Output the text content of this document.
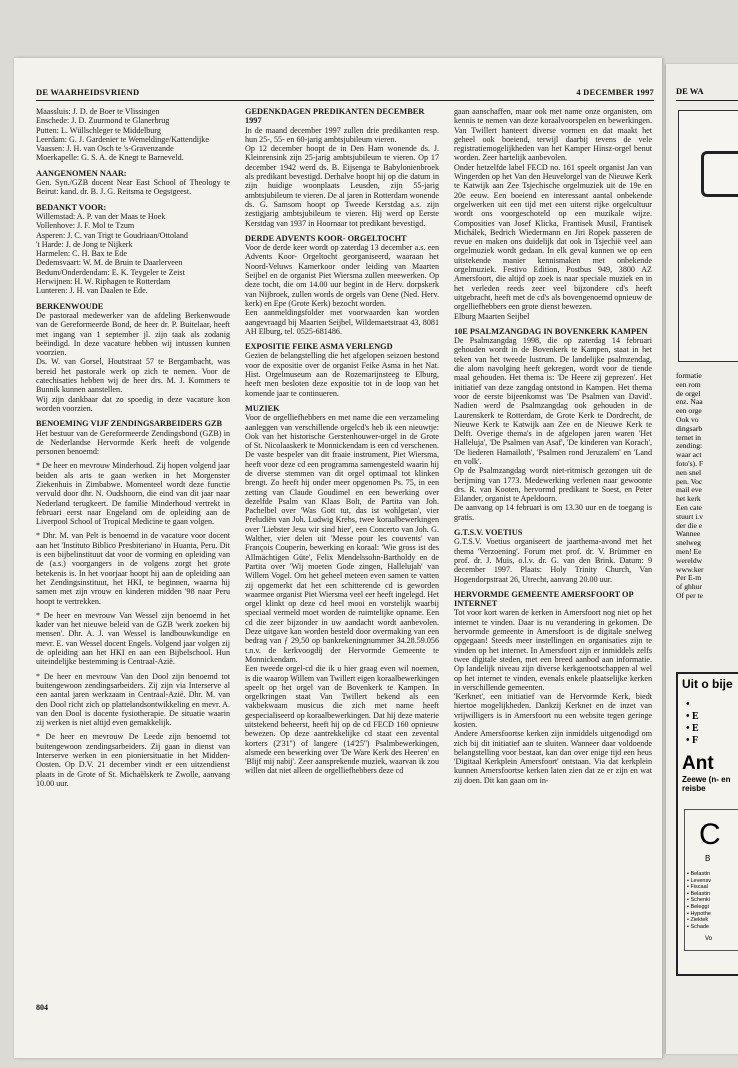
DE WAARHEIDSVRIEND	4 DECEMBER 1997

Maassluis: J. D. de Boer te Vlissingen

Enschede: J. D. Zuurmond te Glanerbrug

Putten: L. Wüllschleger te Middelburg

Leerdam: G. J. Gardenier te Wemeldinge/Kattendijke

Vaassen: J. H. van Osch te 's-Gravenzande

Moerkapelle: G. S. A. de Knegt te Barneveld.

AANGENOMEN NAAR:

Gen. Syn./GZB docent Near East School of Theology te Beirut: kand. dr. B. J. G. Reitsma te Oegstgeest.

BEDANKT VOOR:

Willemstad: A. P. van der Maas te Hoek

Vollenhove: J. F. Mol te Tzum

Asperen: J. C. van Trigt te Goudriaan/Ottoland

't Harde: J. de Jong te Nijkerk

Harmelen: C. H. Bax te Ede

Dedemsvaart: W. M. de Bruin te Daarlerveen

Bedum/Onderdendam: E. K. Teygeler te Zeist

Herwijnen: H. W. Riphagen te Rotterdam

Lunteren: J. H. van Daalen te Ede.

BERKENWOUDE

De pastoraal medewerker van de afdeling Berkenwoude van de Gereformeerde Bond, de heer dr. P. Buitelaar, heeft met ingang van 1 september jl. zijn taak als zodanig beëindigd. In deze vacature hebben wij intussen kunnen voorzien.

Ds. W. van Gorsel, Houtstraat 57 te Bergambacht, was bereid het pastorale werk op zich te nemen. Voor de catechisaties hebben wij de heer drs. M. J. Kommers te Bunnik kunnen aanstellen.

Wij zijn dankbaar dat zo spoedig in deze vacature kon worden voorzien.

BENOEMING VIJF ZENDINGSARBEIDERS GZB

Het bestuur van de Gereformeerde Zendingsbond (GZB) in de Nederlandse Hervormde Kerk heeft de volgende personen benoemd:

* De heer en mevrouw Minderhoud. Zij hopen volgend jaar beiden als arts te gaan werken in het Morgenster Ziekenhuis in Zimbabwe. Momenteel wordt deze functie vervuld door dhr. N. Oudshoorn, die eind van dit jaar naar Nederland terugkeert. De familie Minderhoud vertrekt in februari eerst naar Engeland om de opleiding aan de Liverpool School of Tropical Medicine te gaan volgen.

* Dhr. M. van Pelt is benoemd in de vacature voor docent aan het 'Instituto Biblico Presbiteriano' in Huanta, Peru. Dit is een bijbelinstituut dat voor de vorming en opleiding van de (a.s.) voorgangers in de volgens zorgt het grote betekenis is. In het voorjaar hoopt hij aan de opleiding aan het Zendingsinstituut, het HKI, te beginnen, waarna hij samen met zijn vrouw en kinderen midden '98 naar Peru hoopt te vertrekken.

* De heer en mevrouw Van Wessel zijn benoemd in het kader van het nieuwe beleid van de GZB 'werk zoeken bij mensen'. Dhr. A. J. van Wessel is landbouwkundige en mevr. E. van Wessel docent Engels. Volgend jaar volgen zij de opleiding aan het HKI en aan een Bijbelschool. Hun uiteindelijke bestemming is Centraal-Azië.

* De heer en mevrouw Van den Dool zijn benoemd tot buitengewoon zendingsarbeiders. Zij zijn via Interserve al een aantal jaren werkzaam in Centraal-Azië. Dhr. M. van den Dool richt zich op plattelandsontwikkeling en mevr. A. van den Dool is docente fysiotherapie. De situatie waarin zij werken is niet altijd even gemakkelijk.

* De heer en mevrouw De Leede zijn benoemd tot buitengewoon zendingsarbeiders. Zij gaan in dienst van Interserve werken in een pioniersituatie in het Midden-Oosten. Op D.V. 21 december vindt er een uitzendienst plaats in de Grote of St. Michaëlskerk te Zwolle, aanvang 10.00 uur.

GEDENKDAGEN PREDIKANTEN DECEMBER 1997

In de maand december 1997 zullen drie predikanten resp. hun 25-, 55- en 60-jarig ambtsjubileum vieren.

Op 12 december hoopt de in Den Ham wonende ds. J. Kleinrensink zijn 25-jarig ambtsjubileum te vieren. Op 17 december 1942 werd ds. B. Eijsenga te Babylonienbroek als predikant bevestigd. Derhalve hoopt hij op die datum in zijn huidige woonplaats Leusden, zijn 55-jarig ambtsjubileum te vieren. De al jaren in Rotterdam wonende ds. G. Samsom hoopt op Tweede Kerstdag a.s. zijn zestigjarig ambtsjubileum te vieren. Hij werd op Eerste Kerstdag van 1937 in Hoornaar tot predikant bevestigd.

DERDE ADVENTS KOOR- ORGELTOCHT

Voor de derde keer wordt op zaterdag 13 december a.s. een Advents Koor- Orgeltocht georganiseerd, waaraan het Noord-Veluws Kamerkoor onder leiding van Maarten Seijbel en de organist Piet Wiersma zullen meewerken. Op deze tocht, die om 14.00 uur begint in de Herv. dorpskerk van Nijbroek, zullen words de orgels van Oene (Ned. Herv. kerk) en Epe (Grote Kerk) bezocht worden.

Een aanmeldingsfolder met voorwaarden kan worden aangevraagd bij Maarten Seijbel, Wildemaetstraat 43, 8081 AH Elburg, tel. 0525-681486.

EXPOSITIE FEIKE ASMA VERLENGD

Gezien de belangstelling die het afgelopen seizoen bestond voor de expositie over de organist Feike Asma in het Nat. Hist. Orgelmuseum aan de Rozemarijnsteeg te Elburg, heeft men besloten deze expositie tot in de loop van het komende jaar te continueren.

MUZIEK

Voor de orgelliefhebbers en met name die een verzameling aanleggen van verschillende orgelcd's heb ik een nieuwtje: Ook van het historische Gerstenhouwer-orgel in de Grote of St. Nicolaaskerk te Monnickendam is een cd verschenen. De vaste bespeler van dit fraaie instrument, Piet Wiersma, heeft voor deze cd een programma samengesteld waarin hij de diverse stemmen van dit orgel optimaal tot klinken brengt. Zo heeft hij onder meer opgenomen Ps. 75, in een zetting van Claude Goudimel en een bewerking over dezelfde Psalm van Klaas Bolt, de Partita van Joh. Pachelbel over 'Was Gott tut, das ist wohlgetan', vier Preludiën van Joh. Ludwig Krebs, twee koraalbewerkingen over 'Liebster Jesu wir sind hier', een Concerto van Joh. G. Walther, vier delen uit 'Messe pour les couvents' van François Couperin, bewerking en koraal: 'Wie gross ist des Allmächtigen Güte', Felix Mendelssohn-Bartholdy en de Partita over 'Wij moeten Gode zingen, Hallelujah' van Willem Vogel. Om het geheel meteen even samen te vatten zij opgemerkt dat het een schitterende cd is geworden waarmee organist Piet Wiersma veel eer heeft ingelegd. Het orgel klinkt op deze cd heel mooi en vorstelijk waarbij speciaal vermeld moet worden de ruimtelijke opname. Een cd die zeer bijzonder in uw aandacht wordt aanbevolen. Deze uitgave kan worden besteld door overmaking van een bedrag van ƒ 29,50 op bankrekeningnummer 34.28.59.056 t.n.v. de kerkvoogdij der Hervormde Gemeente te Monnickendam.

Een tweede orgel-cd die ik u hier graag even wil noemen, is die waarop Willem van Twillert eigen koraalbewerkingen speelt op het orgel van de Bovenkerk te Kampen. In orgelkringen staat Van Twillert bekend als een vakbekwaam musicus die zich met name heeft gespecialiseerd op koraalbewerkingen. Dat hij deze materie uitstekend beheerst, heeft hij op de cd FECD 160 opnieuw bewezen. Op deze aantrekkelijke cd staat een zevental korters (2'31'') of langere (14'25'') Psalmbewerkingen, alsmede een bewerking over 'De Ware Kerk des Heeren' en 'Blijf mij nabij'. Zeer aansprekende muziek, waarvan ik zou willen dat niet alleen de orgelliefhebbers deze cd

gaan aanschaffen, maar ook met name onze organisten, om kennis te nemen van deze koraalvoorspelen en bewerkingen. Van Twillert hanteert diverse vormen en dat maakt het geheel ook boeiend, terwijl daarbij tevens de vele registratiemogelijkheden van het Kamper Hinsz-orgel benut worden. Zeer hartelijk aanbevolen.

Onder hetzelfde label FECD no. 161 speelt organist Jan van Wingerden op het Van den Heuvelorgel van de Nieuwe Kerk te Katwijk aan Zee Tsjechische orgelmuziek uit de 19e en 20e eeuw. Een boeiend en interessant aantal onbekende orgelwerken uit een tijd met een uiterst rijke orgelcultuur wordt ons voorgeschoteld op een muzikale wijze. Composities van Josef Klicka, Frantisek Musil, Frantisek Michálek, Bedrich Wiedermann en Jiri Ropek passeren de revue en maken ons duidelijk dat ook in Tsjechië veel aan orgelmuziek wordt gedaan. In elk geval kunnen we op een uitstekende manier kennismaken met onbekende orgelmuziek. Festivo Edition, Postbus 949, 3800 AZ Amersfoort, die altijd op zoek is naar speciale muziek en in het verleden reeds zeer veel bijzondere cd's heeft uitgebracht, heeft met de cd's als bovengenoemd opnieuw de orgelliefhebbers een grote dienst bewezen.

Elburg Maarten Seijbel

10E PSALMZANGDAG IN BOVENKERK KAMPEN

De Psalmzangdag 1998, die op zaterdag 14 februari gehouden wordt in de Bovenkerk te Kampen, staat in het teken van het tweede lustrum. De landelijke psalmzendag, die alom navolging heeft gekregen, wordt voor de tiende maal gehouden. Het thema is: 'De Heere zij geprezen'. Het initiatief van deze zangdag ontstond in Kampen. Het thema voor de eerste bijeenkomst was 'De Psalmen van David'. Nadien werd de Psalmzangdag ook gehouden in de Laurenskerk te Rotterdam, de Grote Kerk te Dordrecht, de Nieuwe Kerk te Katwijk aan Zee en de Nieuwe Kerk te Delft. Overige thema's in de afgelopen jaren waren 'Het Halleluja', 'De Psalmen van Asaf', 'De kinderen van Korach', 'De liederen Hamailoth', 'Psalmen rond Jeruzalem' en 'Land en volk'.

Op de Psalmzangdag wordt niet-ritmisch gezongen uit de berijming van 1773. Medewerking verlenen naar gewoonte drs. R. van Kooten, hervormd predikant te Soest, en Peter Eilander, organist te Apeldoorn.

De aanvang op 14 februari is om 13.30 uur en de toegang is gratis.

G.T.S.V. VOETIUS

G.T.S.V. Voetius organiseert de jaarthema-avond met het thema 'Verzoening'. Forum met prof. dr. V. Brümmer en prof. dr. J. Muis, o.l.v. dr. G. van den Brink. Datum: 9 december 1997. Plaats: Holy Trinity Church, Van Hogendorpstraat 26, Utrecht, aanvang 20.00 uur.

HERVORMDE GEMEENTE AMERSFOORT OP INTERNET

Tot voor kort waren de kerken in Amersfoort nog niet op het internet te vinden. Daar is nu verandering in gekomen. De hervormde gemeente in Amersfoort is de digitale snelweg opgegaan! Steeds meer instellingen en organisaties zijn te vinden op het internet. In Amersfoort zijn er inmiddels zelfs twee digitale steden, met een breed aanbod aan informatie. Op landelijk niveau zijn diverse kerkgenootschappen al wel op het internet te vinden, evenals enkele plaatselijke kerken in verschillende gemeenten.

'Kerknet', een initiatief van de Hervormde Kerk, biedt hiertoe mogelijkheden. Dankzij Kerknet en de inzet van vrijwilligers is in Amersfoort nu een website tegen geringe kosten.

Andere Amersfoortse kerken zijn inmiddels uitgenodigd om zich bij dit initiatief aan te sluiten. Wanneer daar voldoende belangstelling voor bestaat, kan dan over enige tijd een heus 'Digitaal Kerkplein Amersfoort' ontstaan. Via dat kerkplein kunnen Amersfoortse kerken laten zien dat ze er zijn en wat zij doen. Dit kan gaan om in-

804
DE WA
formatie
een rom
de orgel
enz. Naa
een orge
Ook vo
dingsarb
ternet in
zending:
waar act
foto's). F
nen snel
pen. Voc
mail eve
het kerk
Een cate
stuurt i.v
der die e
Wannee
snelweg
men! Ee
wereldw
www.ker
Per E-m
of ghhur
Of per te
Uit o bije
•
• E
• E
• F
Ant
Zeewe (n- en reisbe
C
B
• Belastin
• Levensv
• Fiscaal
• Belastin
• Schenki
• Beleggi
• Hypothe
• Ziektek
• Schade
Vo
